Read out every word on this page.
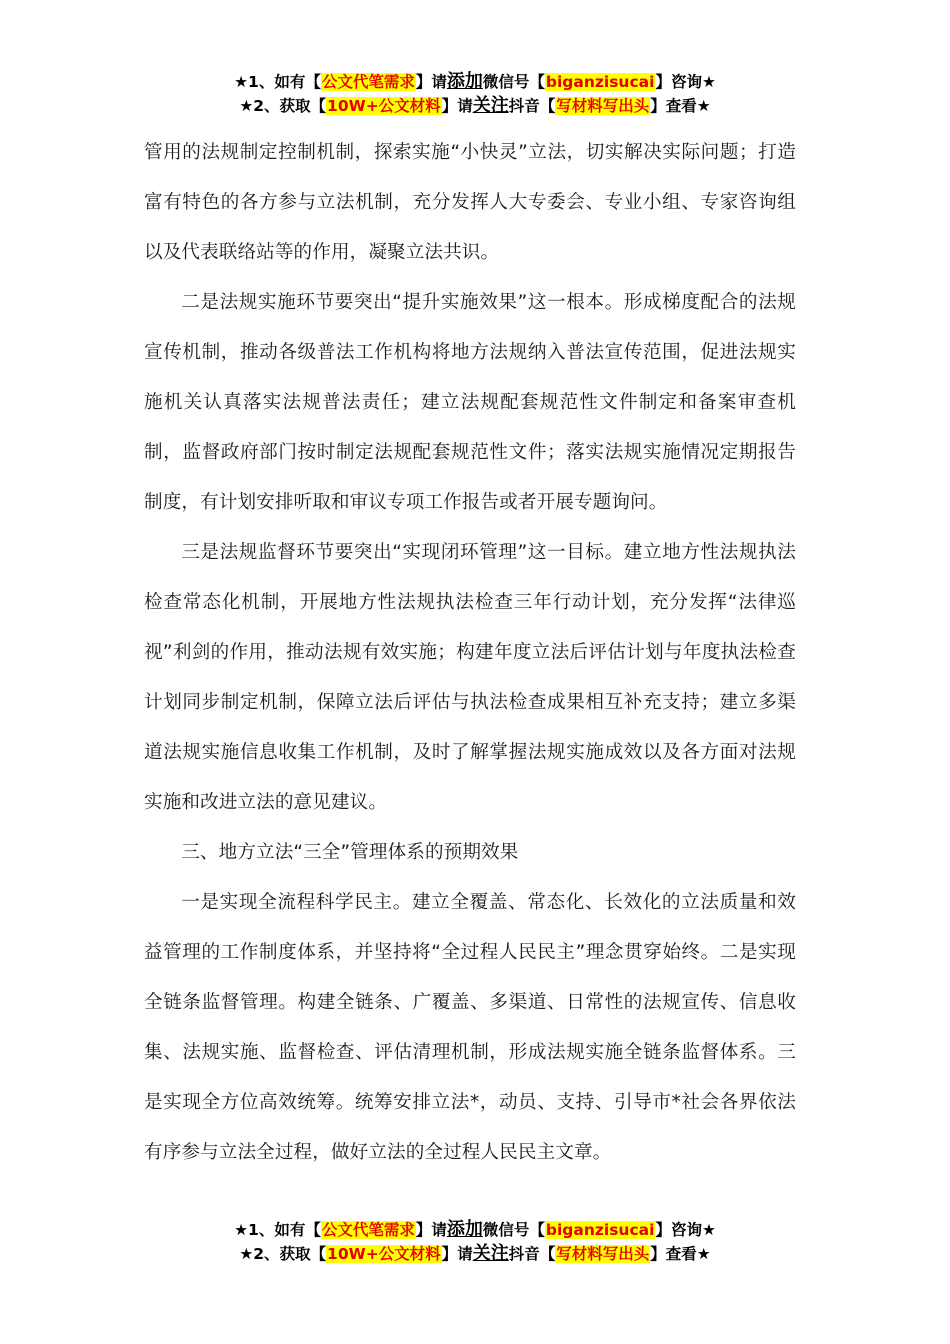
★1、如有【公文代笔需求】请添加微信号【biganzisucai】咨询★
★2、获取【10W+公文材料】请关注抖音【写材料写出头】查看★

管用的法规制定控制机制，探索实施“小快灵”立法，切实解决实际问题；打造富有特色的各方参与立法机制，充分发挥人大专委会、专业小组、专家咨询组以及代表联络站等的作用，凝聚立法共识。

二是法规实施环节要突出“提升实施效果”这一根本。形成梯度配合的法规宣传机制，推动各级普法工作机构将地方法规纳入普法宣传范围，促进法规实施机关认真落实法规普法责任；建立法规配套规范性文件制定和备案审查机制，监督政府部门按时制定法规配套规范性文件；落实法规实施情况定期报告制度，有计划安排听取和审议专项工作报告或者开展专题询问。

三是法规监督环节要突出“实现闭环管理”这一目标。建立地方性法规执法检查常态化机制，开展地方性法规执法检查三年行动计划，充分发挥“法律巡视”利剑的作用，推动法规有效实施；构建年度立法后评估计划与年度执法检查计划同步制定机制，保障立法后评估与执法检查成果相互补充支持；建立多渠道法规实施信息收集工作机制，及时了解掌握法规实施成效以及各方面对法规实施和改进立法的意见建议。

三、地方立法“三全”管理体系的预期效果

一是实现全流程科学民主。建立全覆盖、常态化、长效化的立法质量和效益管理的工作制度体系，并坚持将“全过程人民民主”理念贯穿始终。二是实现全链条监督管理。构建全链条、广覆盖、多渠道、日常性的法规宣传、信息收集、法规实施、监督检查、评估清理机制，形成法规实施全链条监督体系。三是实现全方位高效统筹。统筹安排立法*，动员、支持、引导市*社会各界依法有序参与立法全过程，做好立法的全过程人民民主文章。

★1、如有【公文代笔需求】请添加微信号【biganzisucai】咨询★
★2、获取【10W+公文材料】请关注抖音【写材料写出头】查看★
